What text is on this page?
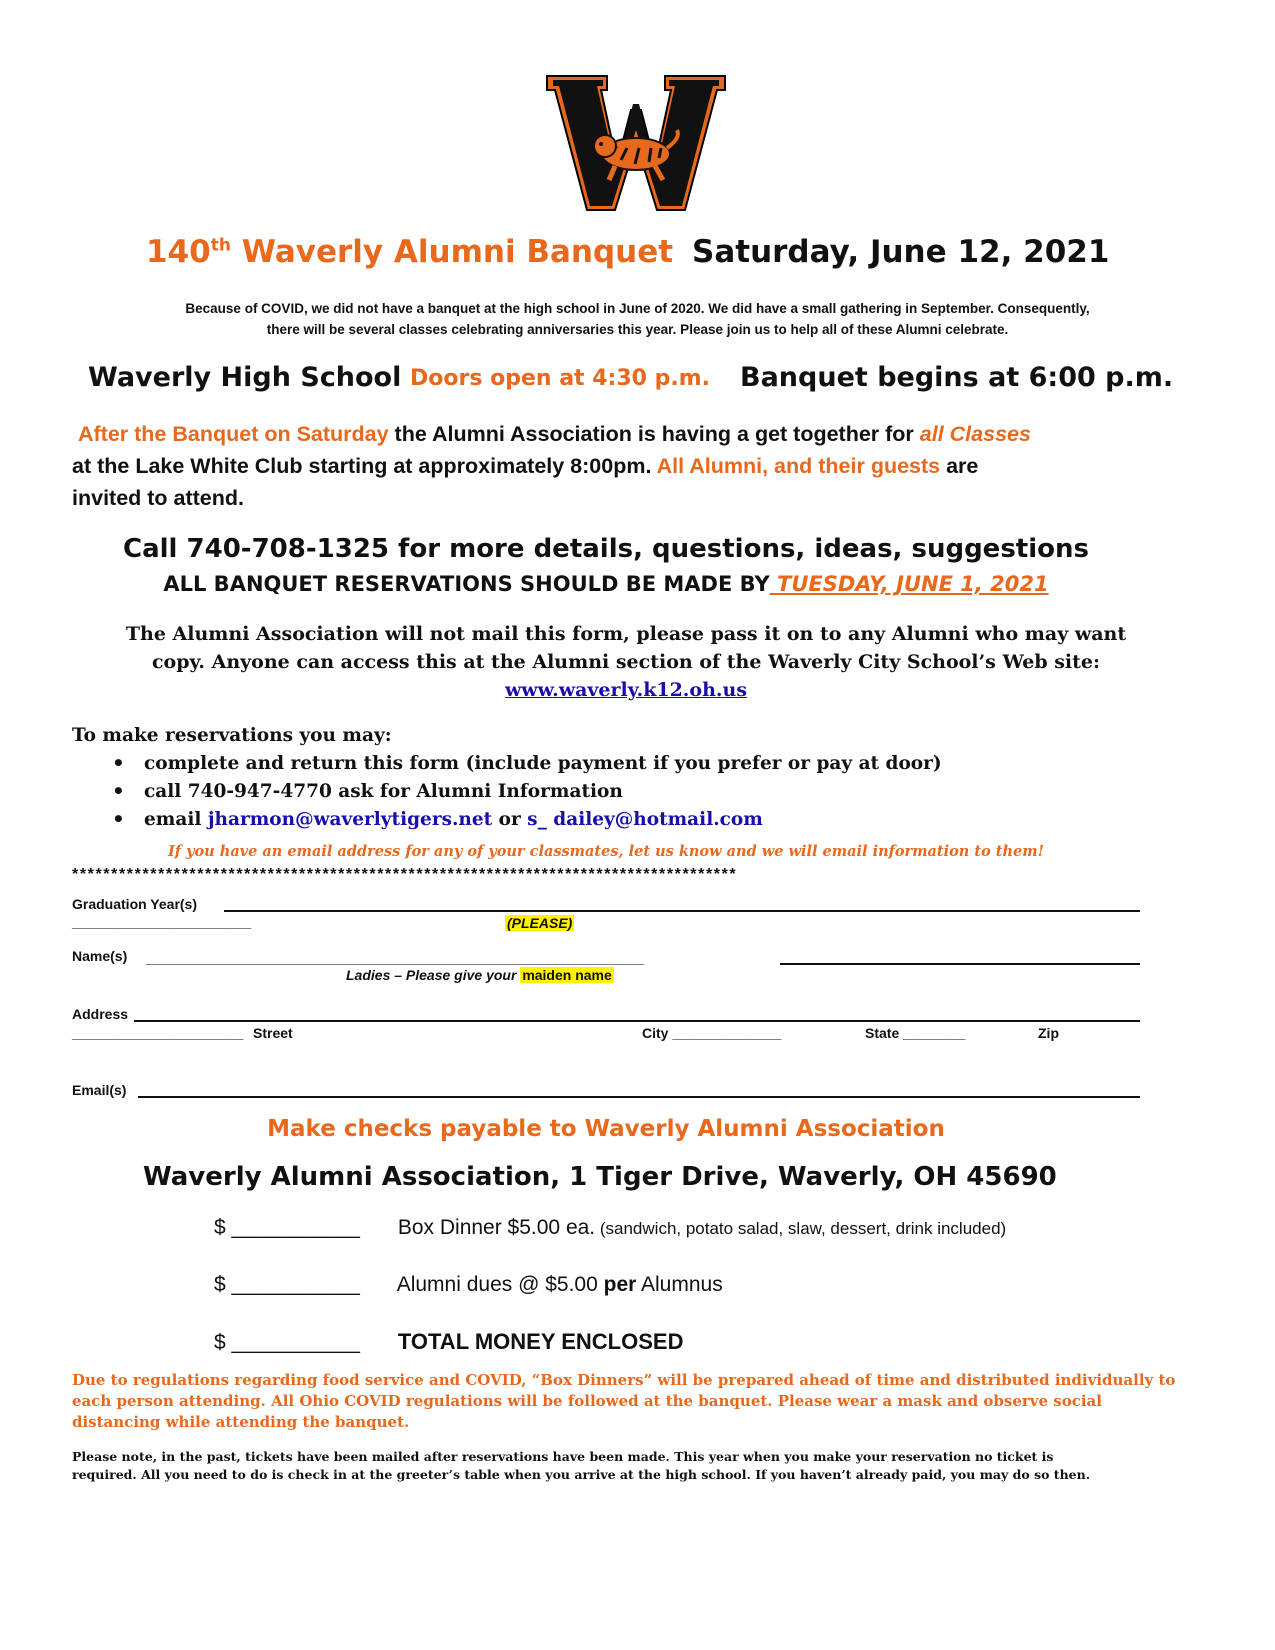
140th Waverly Alumni Banquet Saturday, June 12, 2021
Because of COVID, we did not have a banquet at the high school in June of 2020. We did have a small gathering in September. Consequently,
there will be several classes celebrating anniversaries this year. Please join us to help all of these Alumni celebrate.
Waverly High School Doors open at 4:30 p.m. Banquet begins at 6:00 p.m.
After the Banquet on Saturday the Alumni Association is having a get together for all Classes
at the Lake White Club starting at approximately 8:00pm. All Alumni, and their guests are
invited to attend.
Call 740-708-1325 for more details, questions, ideas, suggestions
ALL BANQUET RESERVATIONS SHOULD BE MADE BY TUESDAY, JUNE 1, 2021
The Alumni Association will not mail this form, please pass it on to any Alumni who may want
copy. Anyone can access this at the Alumni section of the Waverly City School’s Web site:
www.waverly.k12.oh.us
To make reservations you may:
• complete and return this form (include payment if you prefer or pay at door)
• call 740-947-4770 ask for Alumni Information
• email jharmon@waverlytigers.net or s_ dailey@hotmail.com
If you have an email address for any of your classmates, let us know and we will email information to them!
*************************************************************************************
Graduation Year(s)
_______________________	(PLEASE)
Name(s) ________________________________________________________________
Ladies – Please give your maiden name
Address
______________________ Street	City ______________	State ________	Zip
Email(s)
Make checks payable to Waverly Alumni Association
Waverly Alumni Association, 1 Tiger Drive, Waverly, OH 45690
$ ___________ Box Dinner $5.00 ea. (sandwich, potato salad, slaw, dessert, drink included)
$ ___________ Alumni dues @ $5.00 per Alumnus
$ ___________ TOTAL MONEY ENCLOSED
Due to regulations regarding food service and COVID, “Box Dinners” will be prepared ahead of time and distributed individually to
each person attending. All Ohio COVID regulations will be followed at the banquet. Please wear a mask and observe social
distancing while attending the banquet.
Please note, in the past, tickets have been mailed after reservations have been made. This year when you make your reservation no ticket is
required. All you need to do is check in at the greeter’s table when you arrive at the high school. If you haven’t already paid, you may do so then.
